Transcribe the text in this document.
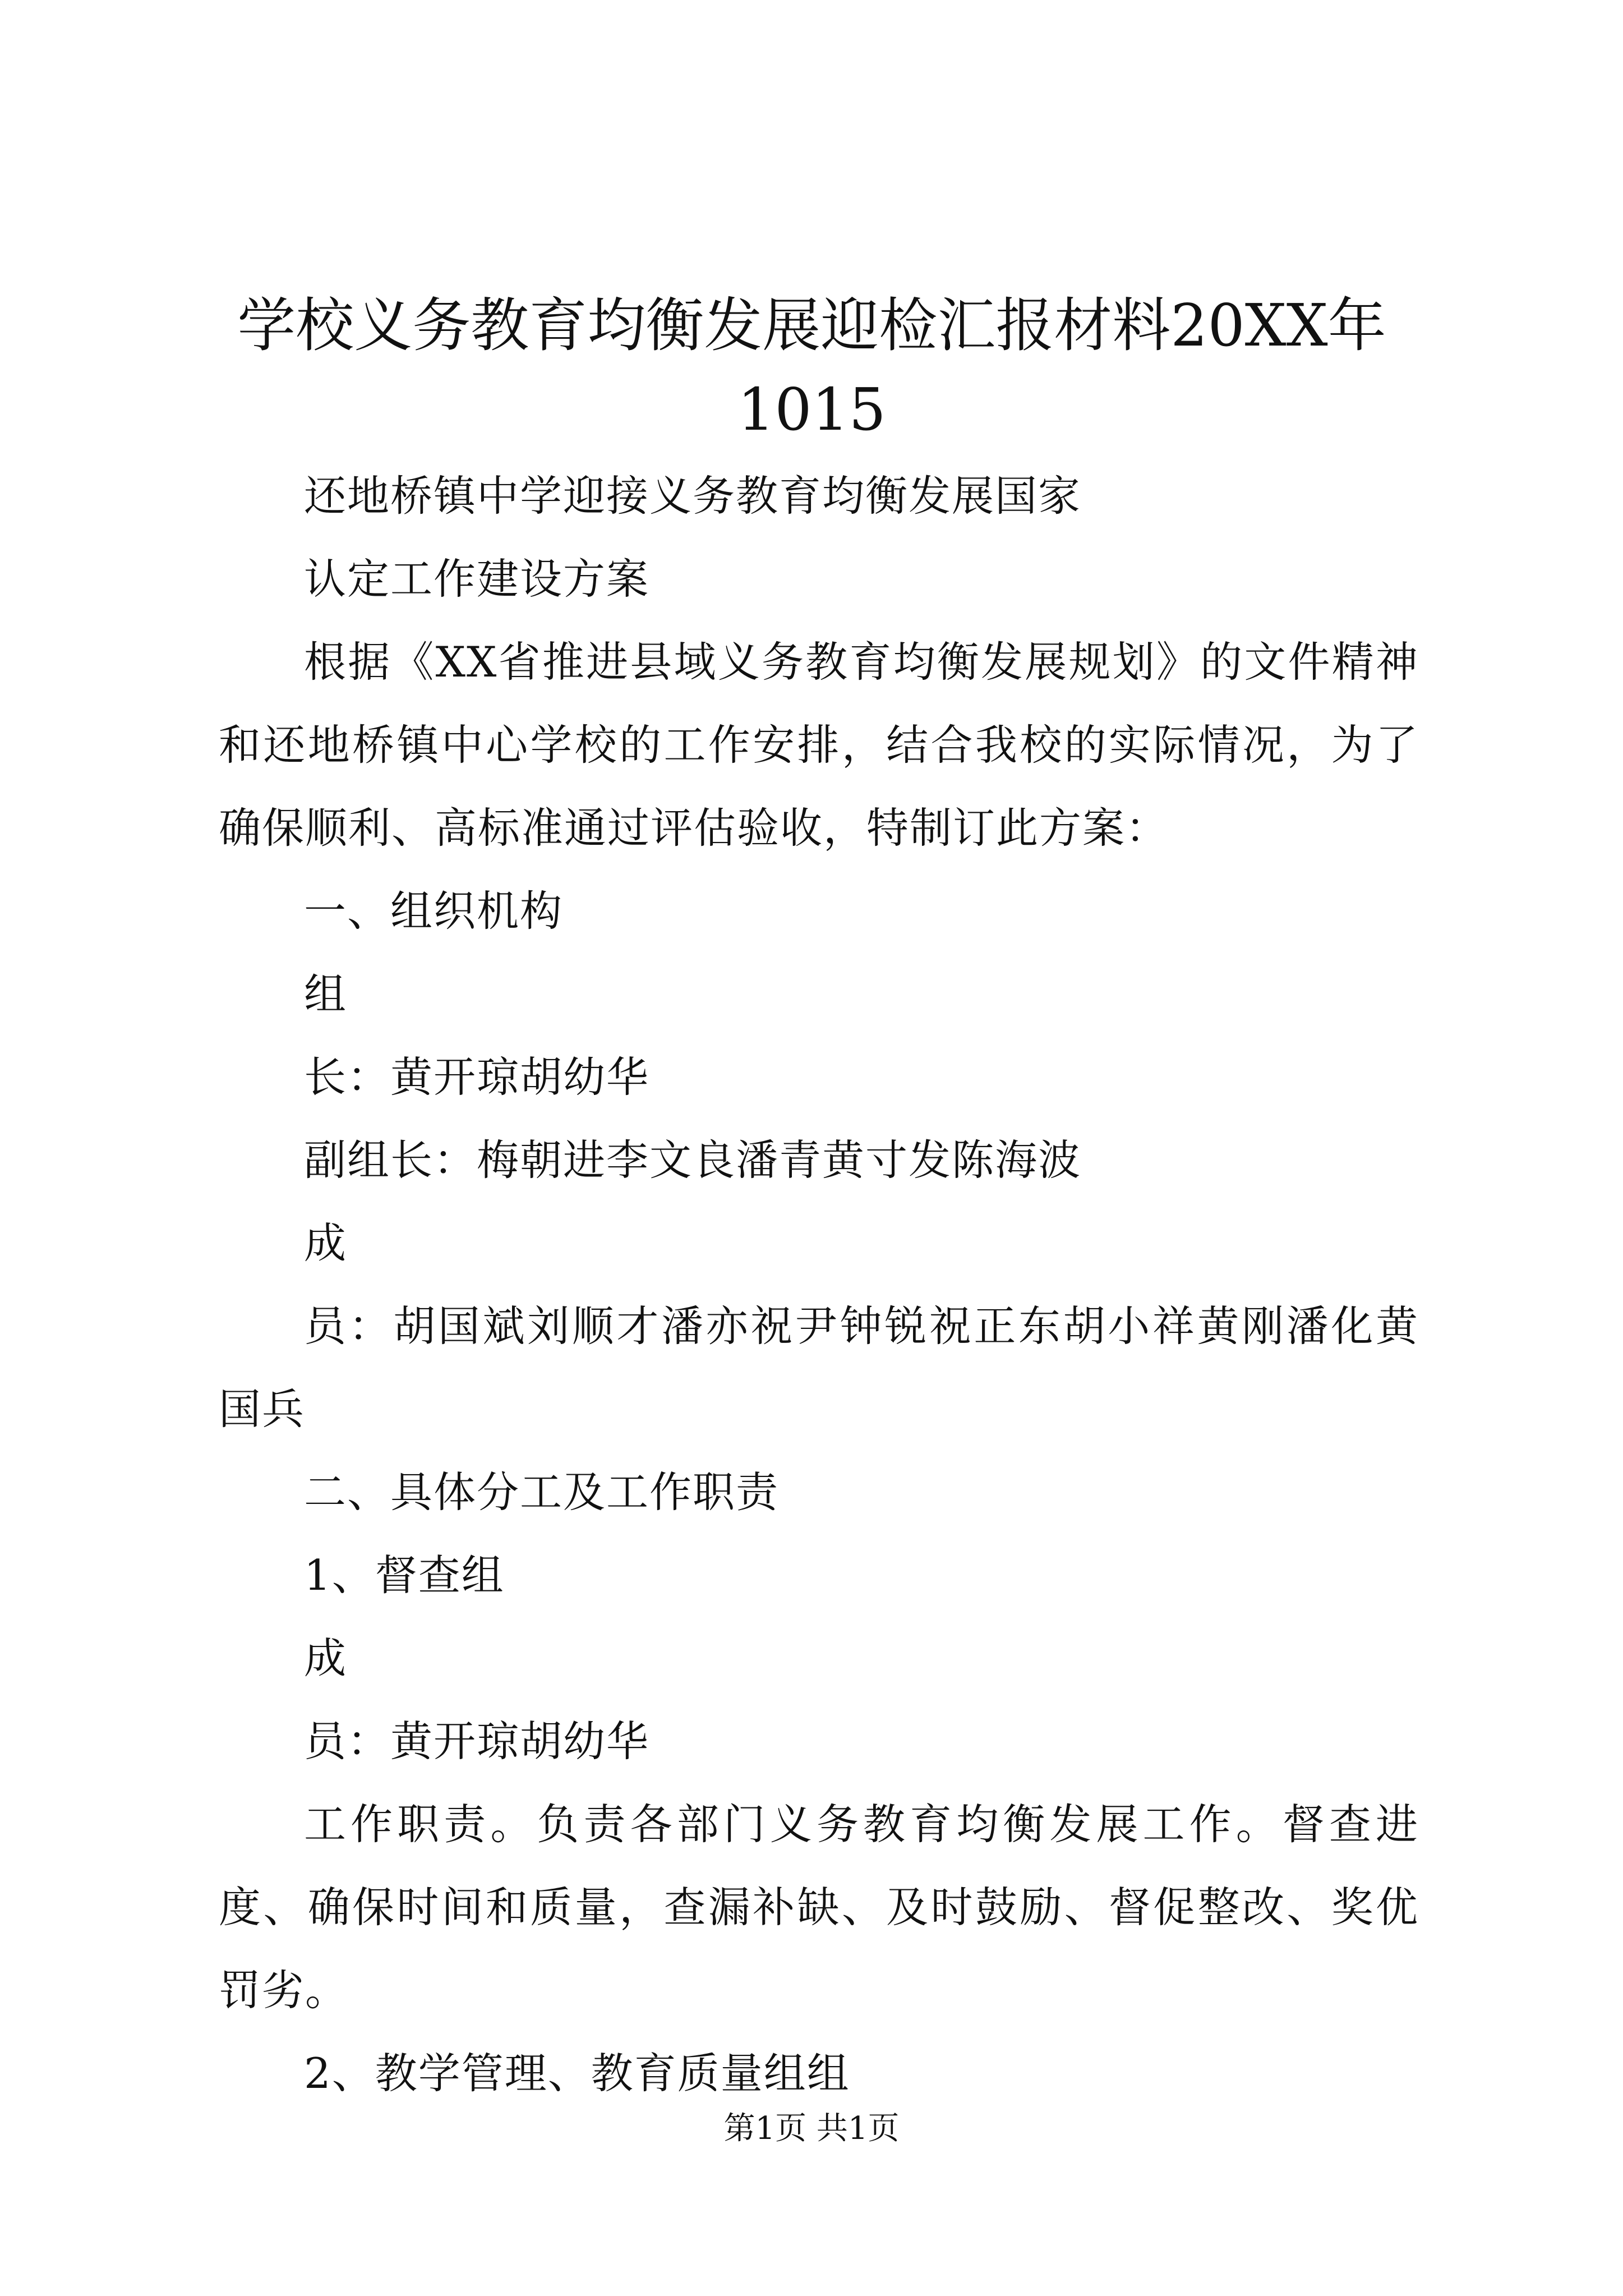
学校义务教育均衡发展迎检汇报材料20XX年1015

还地桥镇中学迎接义务教育均衡发展国家

认定工作建设方案

根据《XX省推进县域义务教育均衡发展规划》的文件精神和还地桥镇中心学校的工作安排，结合我校的实际情况，为了确保顺利、高标准通过评估验收，特制订此方案：

一、组织机构

组

长：黄开琼胡幼华

副组长：梅朝进李文良潘青黄寸发陈海波

成

员：胡国斌刘顺才潘亦祝尹钟锐祝正东胡小祥黄刚潘化黄国兵

二、具体分工及工作职责

1、督查组

成

员：黄开琼胡幼华

工作职责。负责各部门义务教育均衡发展工作。督查进度、确保时间和质量，查漏补缺、及时鼓励、督促整改、奖优罚劣。

2、教学管理、教育质量组组

第1页 共1页
